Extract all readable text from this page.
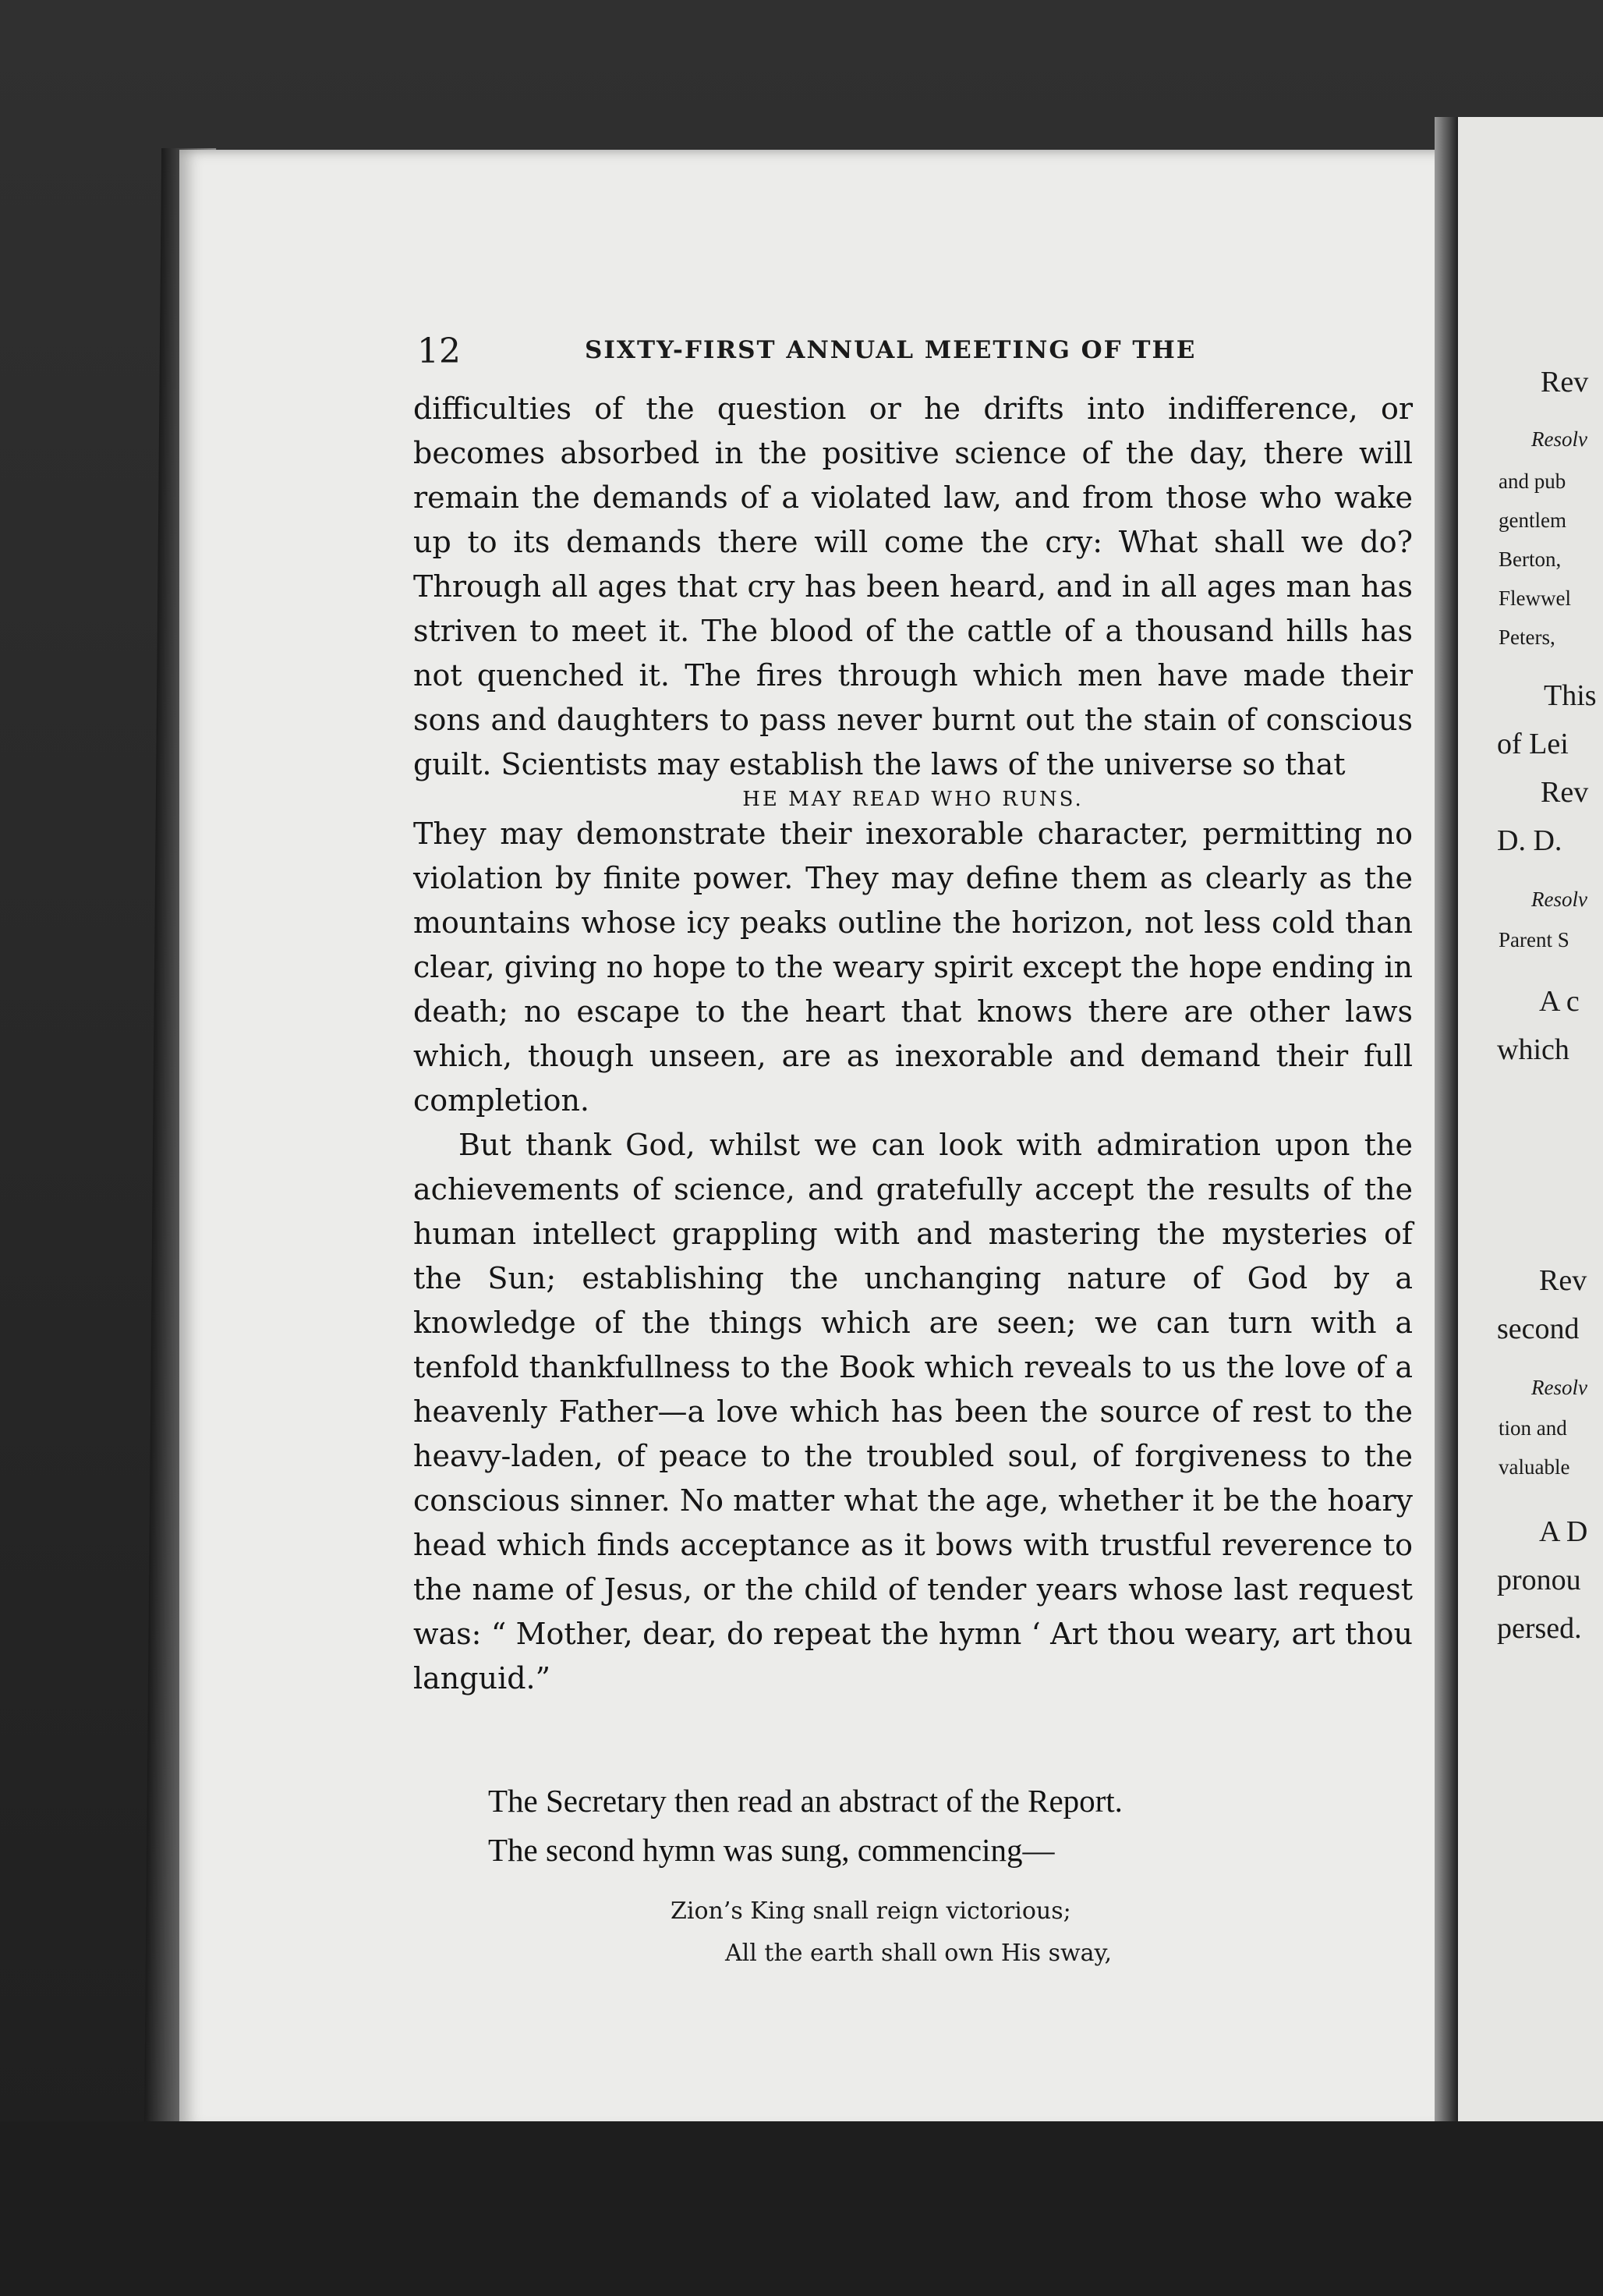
Rev
Resolv
and pub
gentlem
Berton,
Flewwel
Peters,
This
of Lei
Rev
D. D.
Resolv
Parent S
A c
which
Rev
second
Resolv
tion and
valuable
A D
pronou
persed.
12	SIXTY-FIRST ANNUAL MEETING OF THE

difficulties of the question or he drifts into indifference, or becomes absorbed in the positive science of the day, there will remain the demands of a violated law, and from those who wake up to its demands there will come the cry: What shall we do? Through all ages that cry has been heard, and in all ages man has striven to meet it. The blood of the cattle of a thousand hills has not quenched it. The fires through which men have made their sons and daughters to pass never burnt out the stain of conscious guilt. Scientists may establish the laws of the universe so that

HE MAY READ WHO RUNS.

They may demonstrate their inexorable character, permitting no violation by finite power. They may define them as clearly as the mountains whose icy peaks outline the horizon, not less cold than clear, giving no hope to the weary spirit except the hope ending in death; no escape to the heart that knows there are other laws which, though unseen, are as inexorable and demand their full completion.

But thank God, whilst we can look with admiration upon the achievements of science, and gratefully accept the results of the human intellect grappling with and mastering the mysteries of the Sun; establishing the unchanging nature of God by a knowledge of the things which are seen; we can turn with a tenfold thankfullness to the Book which reveals to us the love of a heavenly Father—a love which has been the source of rest to the heavy-laden, of peace to the troubled soul, of forgiveness to the conscious sinner. No matter what the age, whether it be the hoary head which finds acceptance as it bows with trustful reverence to the name of Jesus, or the child of tender years whose last request was: “ Mother, dear, do repeat the hymn ‘ Art thou weary, art thou languid.”

The Secretary then read an abstract of the Report.

The second hymn was sung, commencing—

Zion’s King snall reign victorious;

All the earth shall own His sway,
